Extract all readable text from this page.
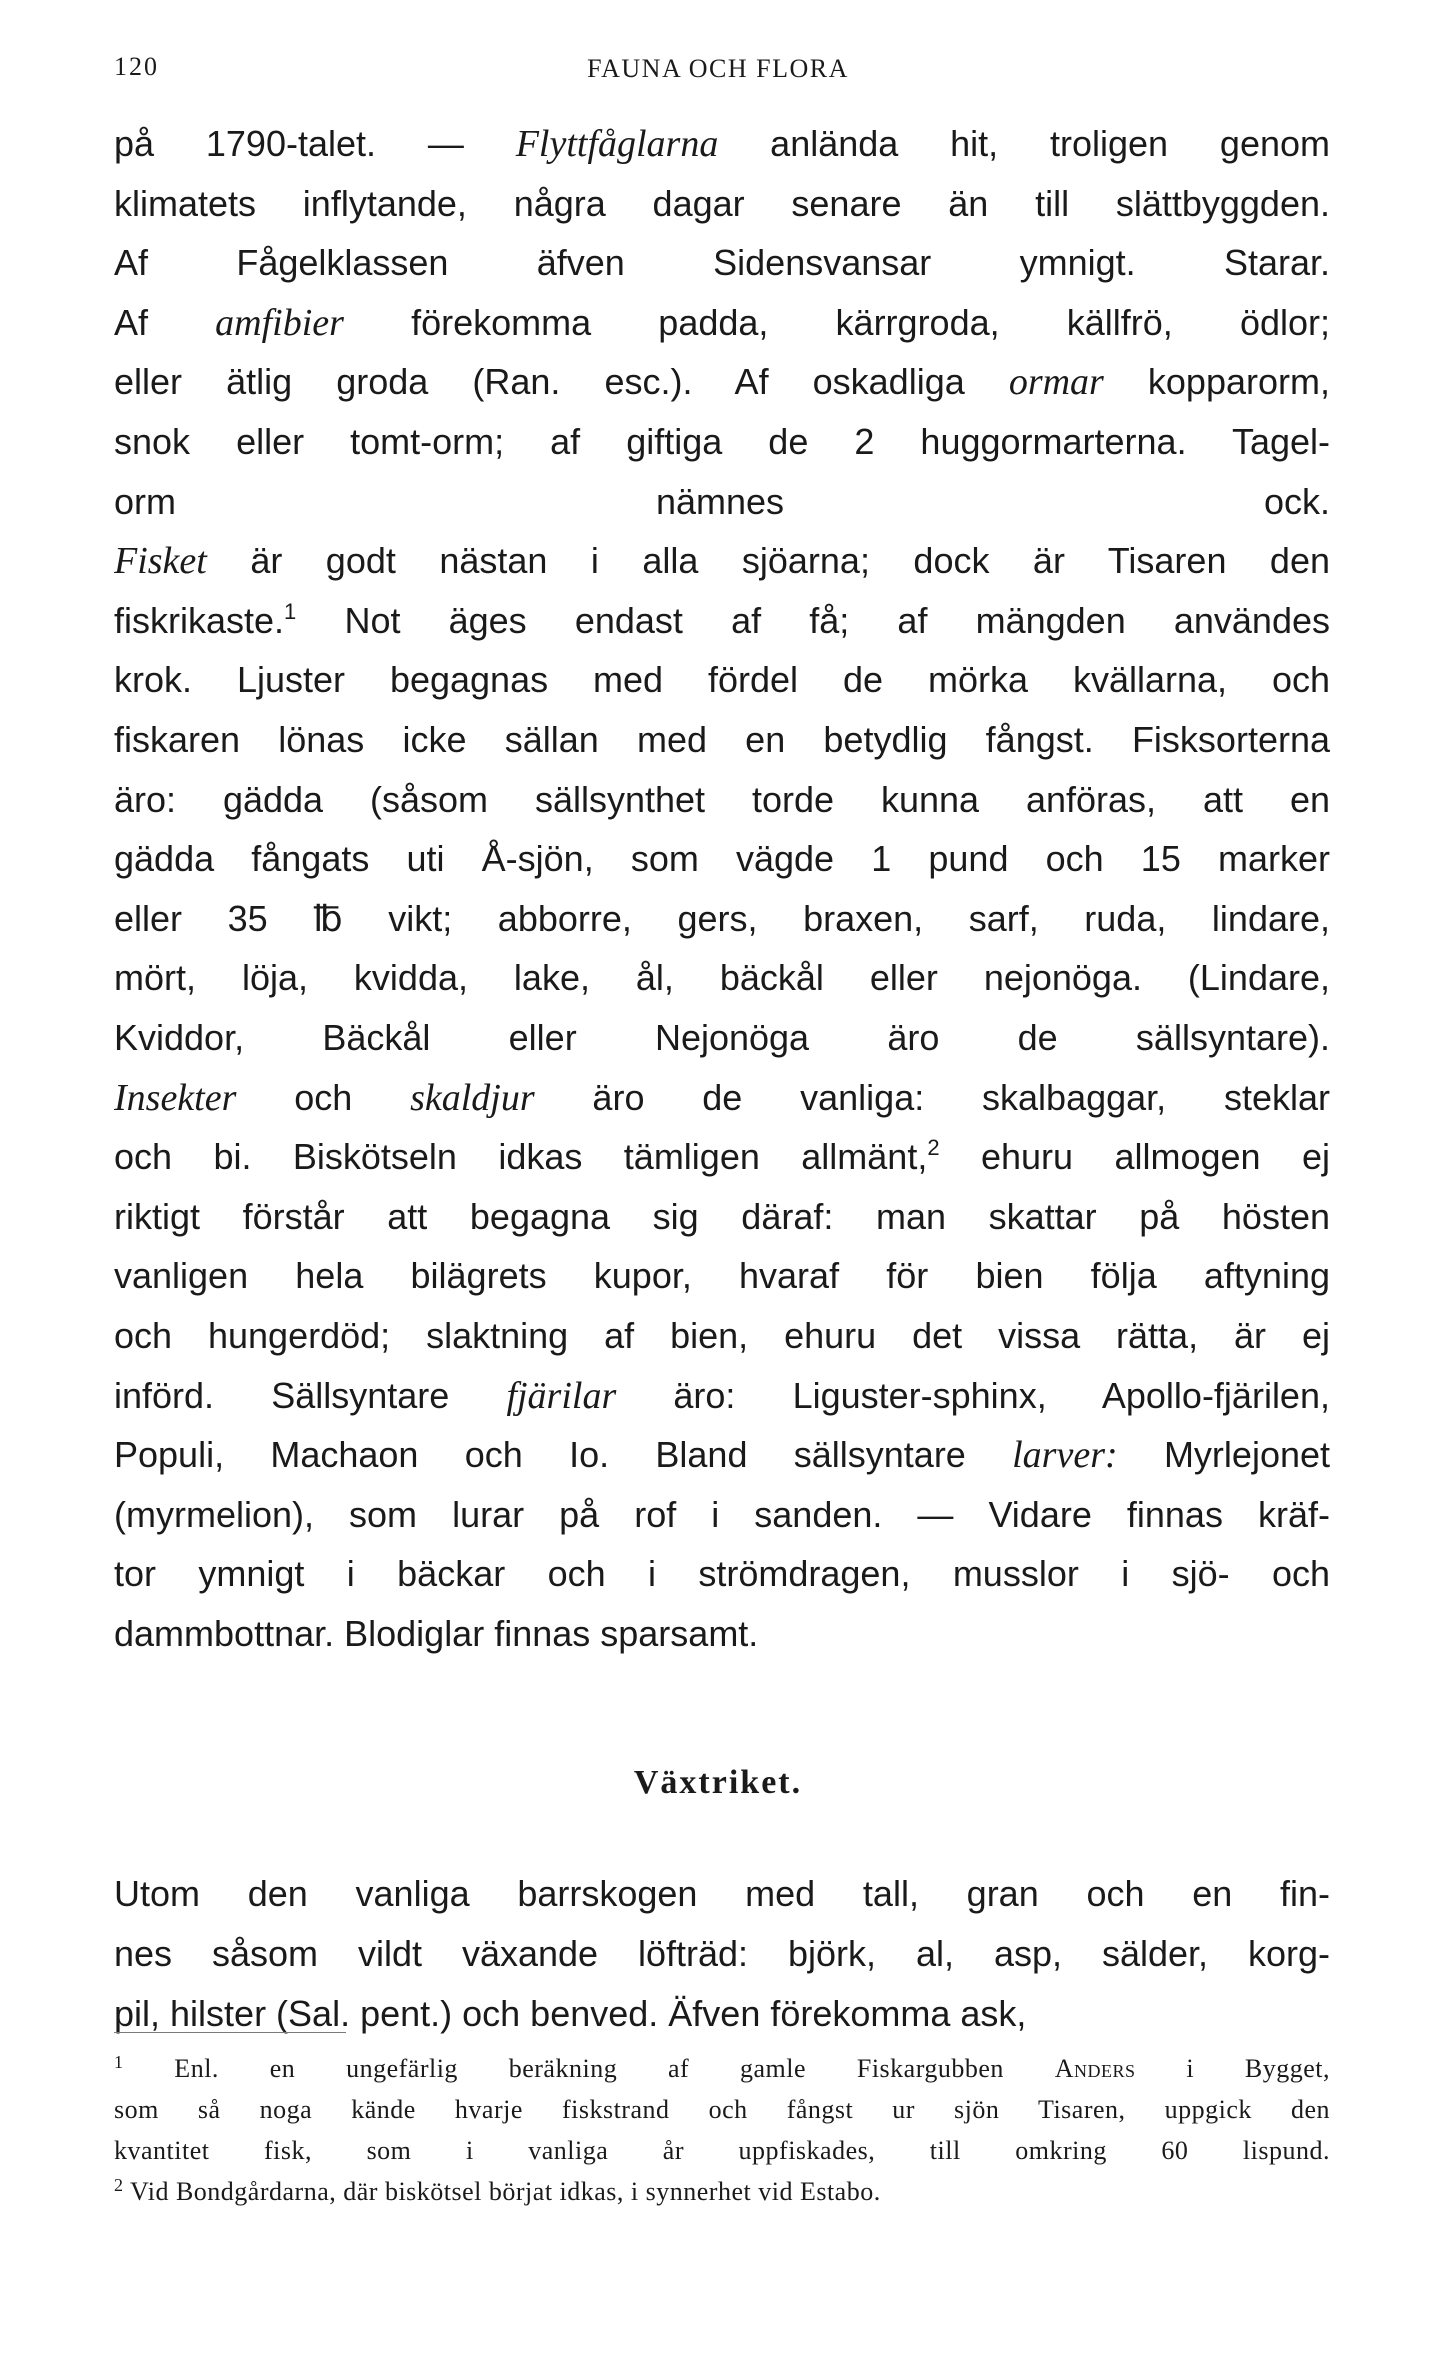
120	FAUNA OCH FLORA
på 1790-talet. — Flyttfåglarna anlända hit, troligen genom
klimatets inflytande, några dagar senare än till slättbyggden.
Af Fågelklassen äfven Sidensvansar ymnigt. Starar.
Af amfibier förekomma padda, kärrgroda, källfrö, ödlor;
eller ätlig groda (Ran. esc.). Af oskadliga ormar kopparorm,
snok eller tomt-orm; af giftiga de 2 huggormarterna. Tagel-
orm nämnes ock.
Fisket är godt nästan i alla sjöarna; dock är Tisaren den
fiskrikaste.$^1$ Not äges endast af få; af mängden användes
krok. Ljuster begagnas med fördel de mörka kvällarna, och
fiskaren lönas icke sällan med en betydlig fångst. Fisksorterna
äro: gädda (såsom sällsynthet torde kunna anföras, att en
gädda fångats uti Å-sjön, som vägde 1 pund och 15 marker
eller 35 ℔ vikt; abborre, gers, braxen, sarf, ruda, lindare,
mört, löja, kvidda, lake, ål, bäckål eller nejonöga. (Lindare,
Kviddor, Bäckål eller Nejonöga äro de sällsyntare).
Insekter och skaldjur äro de vanliga: skalbaggar, steklar
och bi. Biskötseln idkas tämligen allmänt,$^2$ ehuru allmogen ej
riktigt förstår att begagna sig däraf: man skattar på hösten
vanligen hela bilägrets kupor, hvaraf för bien följa aftyning
och hungerdöd; slaktning af bien, ehuru det vissa rätta, är ej
införd. Sällsyntare fjärilar äro: Liguster-sphinx, Apollo-fjärilen,
Populi, Machaon och Io. Bland sällsyntare larver: Myrlejonet
(myrmelion), som lurar på rof i sanden. — Vidare finnas kräf-
tor ymnigt i bäckar och i strömdragen, musslor i sjö- och
dammbottnar. Blodiglar finnas sparsamt.
Växtriket.
Utom den vanliga barrskogen med tall, gran och en fin-
nes såsom vildt växande löfträd: björk, al, asp, sälder, korg-
pil, hilster (Sal. pent.) och benved. Äfven förekomma ask,
$^1$ Enl. en ungefärlig beräkning af gamle Fiskargubben Anders i Bygget,
som så noga kände hvarje fiskstrand och fångst ur sjön Tisaren, uppgick den
kvantitet fisk, som i vanliga år uppfiskades, till omkring 60 lispund.
$^2$ Vid Bondgårdarna, där biskötsel börjat idkas, i synnerhet vid Estabo.
